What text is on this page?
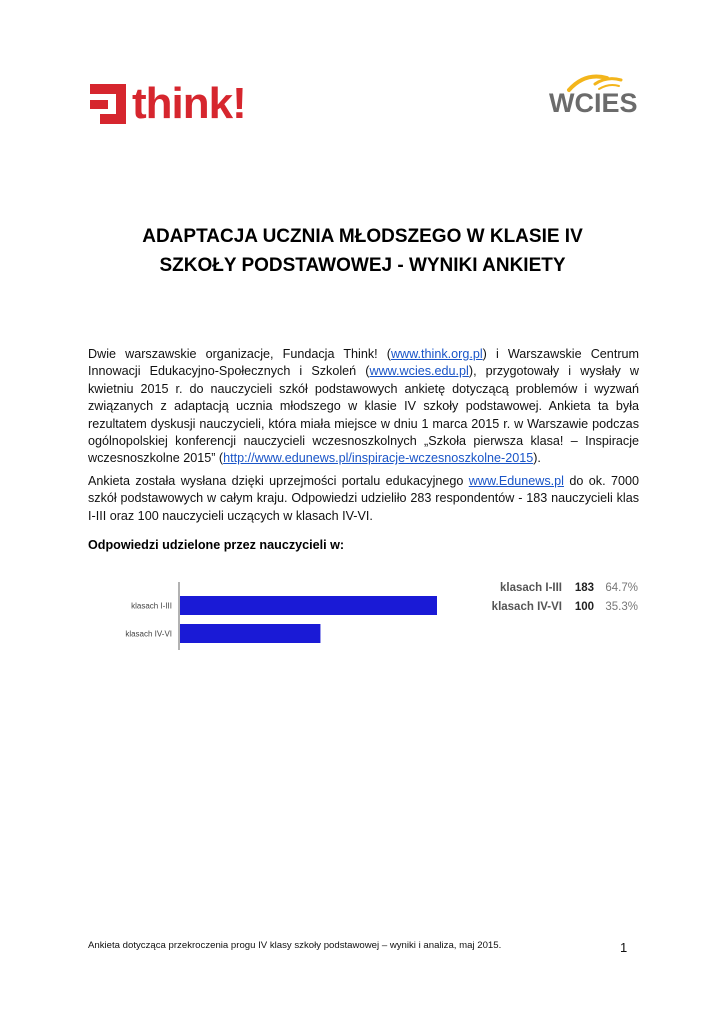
think!	WCIES
ADAPTACJA UCZNIA MŁODSZEGO W KLASIE IV
SZKOŁY PODSTAWOWEJ - WYNIKI ANKIETY
Dwie warszawskie organizacje, Fundacja Think! (www.think.org.pl) i Warszawskie Centrum Innowacji Edukacyjno-Społecznych i Szkoleń (www.wcies.edu.pl), przygotowały i wysłały w kwietniu 2015 r. do nauczycieli szkół podstawowych ankietę dotyczącą problemów i wyzwań związanych z adaptacją ucznia młodszego w klasie IV szkoły podstawowej. Ankieta ta była rezultatem dyskusji nauczycieli, która miała miejsce w dniu 1 marca 2015 r. w Warszawie podczas ogólnopolskiej konferencji nauczycieli wczesnoszkolnych „Szkoła pierwsza klasa! – Inspiracje wczesnoszkolne 2015” (http://www.edunews.pl/inspiracje-wczesnoszkolne-2015).
Ankieta została wysłana dzięki uprzejmości portalu edukacyjnego www.Edunews.pl do ok. 7000 szkół podstawowych w całym kraju. Odpowiedzi udzieliło 283 respondentów - 183 nauczycieli klas I-III oraz 100 nauczycieli uczących w klasach IV-VI.
Odpowiedzi udzielone przez nauczycieli w:
klasach I-III
klasach IV-VI
klasach I-III	183 64.7%
klasach IV-VI	100 35.3%
Ankieta dotycząca przekroczenia progu IV klasy szkoły podstawowej – wyniki i analiza, maj 2015.	1
